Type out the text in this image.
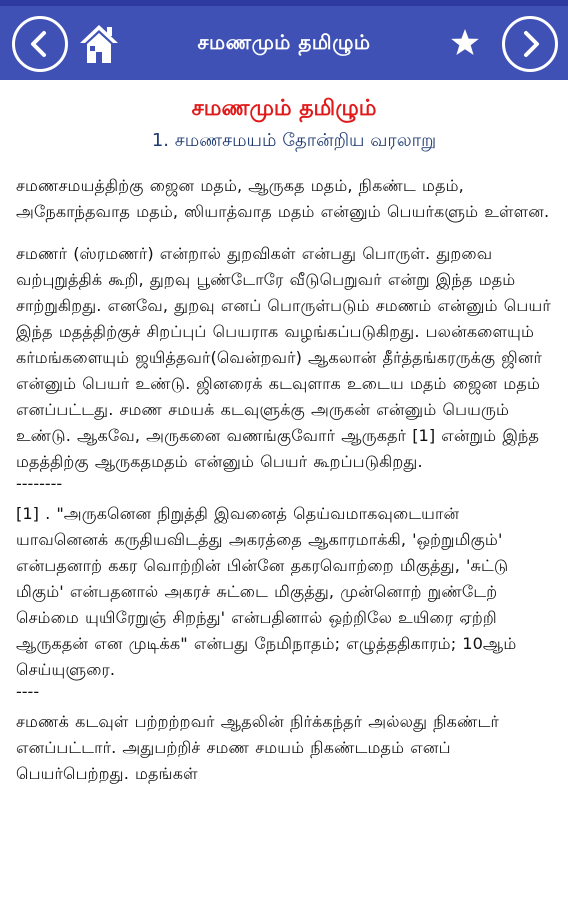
சமணமும் தமிழும்
சமணமும் தமிழும்
1. சமணசமயம் தோன்றிய வரலாறு

சமணசமயத்திற்கு ஜைன மதம், ஆருகத மதம், நிகண்ட மதம், அநேகாந்தவாத மதம், ஸியாத்வாத மதம் என்னும் பெயர்களும் உள்ளன.

சமணர் (ஸ்ரமணர்) என்றால் துறவிகள் என்பது பொருள். துறவை வற்புறுத்திக் கூறி, துறவு பூண்டோரே வீடுபெறுவர் என்று இந்த மதம் சாற்றுகிறது. எனவே, துறவு எனப் பொருள்படும் சமணம் என்னும் பெயர் இந்த மதத்திற்குச் சிறப்புப் பெயராக வழங்கப்படுகிறது. பலன்களையும் கர்மங்களையும் ஜயித்தவர்(வென்றவர்) ஆகலான் தீர்த்தங்கரருக்கு ஜினர் என்னும் பெயர் உண்டு. ஜினரைக் கடவுளாக உடைய மதம் ஜைன மதம் எனப்பட்டது. சமண சமயக் கடவுளுக்கு அருகன் என்னும் பெயரும் உண்டு. ஆகவே, அருகனை வணங்குவோர் ஆருகதர் [1] என்றும் இந்த மதத்திற்கு ஆருகதமதம் என்னும் பெயர் கூறப்படுகிறது.

--------

[1] . "அருகனென நிறுத்தி இவனைத் தெய்வமாகவுடையான் யாவனெனக் கருதியவிடத்து அகரத்தை ஆகாரமாக்கி, 'ஒற்றுமிகும்' என்பதனாற் ககர வொற்றின் பின்னே தகரவொற்றை மிகுத்து, 'சுட்டு மிகும்' என்பதனால் அகரச் சுட்டை மிகுத்து, முன்னொற் றுண்டேற் செம்மை யுயிரேறுஞ் சிறந்து' என்பதினால் ஒற்றிலே உயிரை ஏற்றி ஆருகதன் என முடிக்க" என்பது நேமிநாதம்; எழுத்ததிகாரம்; 10ஆம் செய்யுளுரை.

----

சமணக் கடவுள் பற்றற்றவர் ஆதலின் நிர்க்கந்தர் அல்லது நிகண்டர் எனப்பட்டார். அதுபற்றிச் சமண சமயம் நிகண்டமதம் எனப் பெயர்பெற்றது. மதங்கள்
